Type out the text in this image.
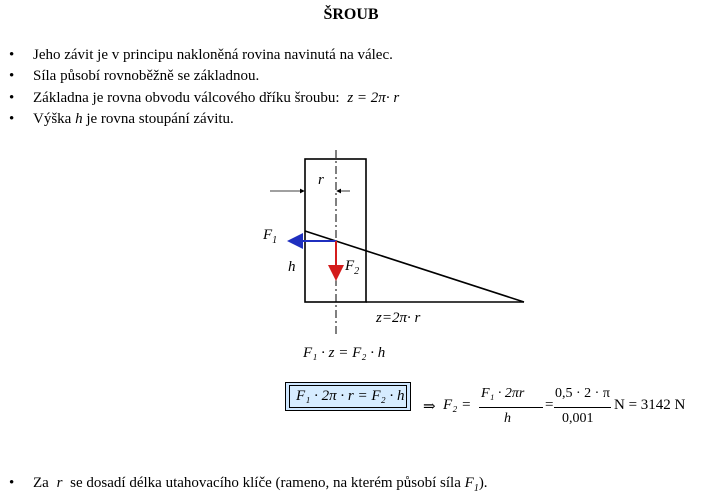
ŠROUB
• Jeho závit je v principu nakloněná rovina navinutá na válec.
• Síla působí rovnoběžně se základnou.
• Základna je rovna obvodu válcového dříku šroubu: z = 2π· r
• Výška h je rovna stoupání závitu.
r
$F_1$
$F_2$
h
z=2π· r
F₁ · z = F₂ · h
F₁ · 2π · r = F₂ · h
⇒ F₂ =
F₁ · 2πr
h
=
0,5 · 2 · π
0,001
N = 3142 N
• Za r se dosadí délka utahovacího klíče (rameno, na kterém působí síla $F_1$).
